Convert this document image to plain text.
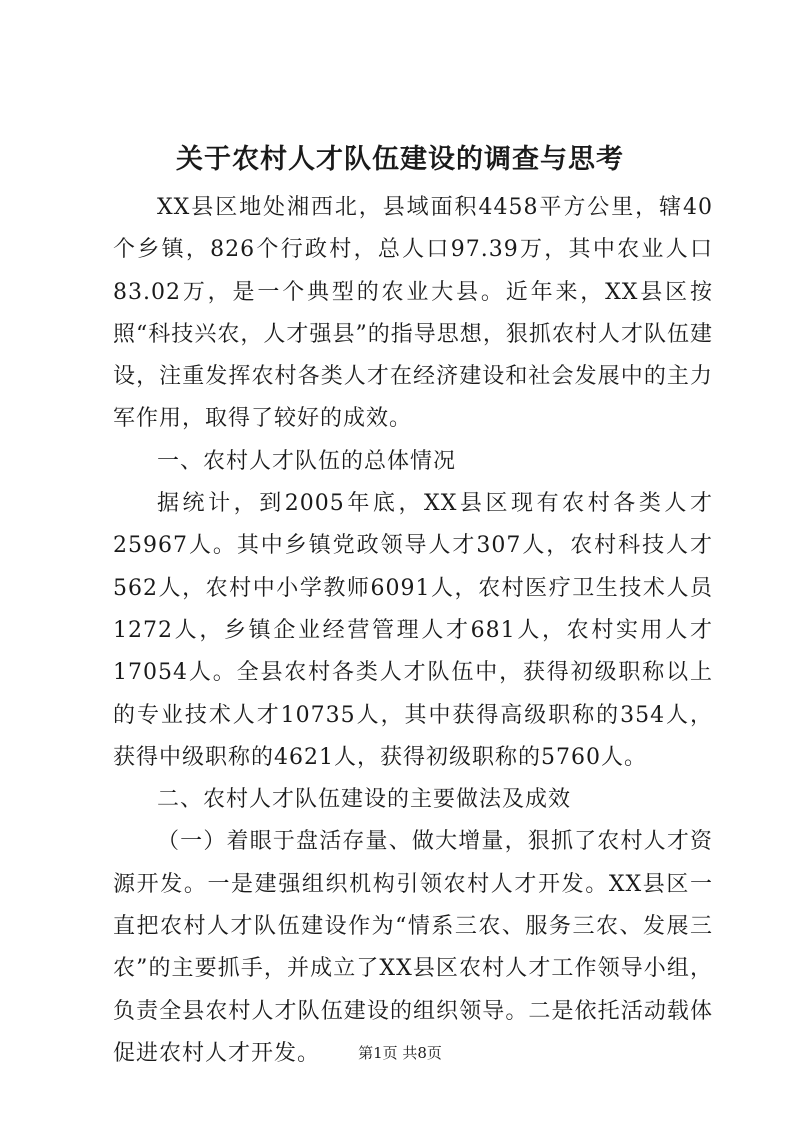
关于农村人才队伍建设的调查与思考

XX县区地处湘西北，县域面积4458平方公里，辖40个乡镇，826个行政村，总人口97.39万，其中农业人口83.02万，是一个典型的农业大县。近年来，XX县区按照“科技兴农，人才强县”的指导思想，狠抓农村人才队伍建设，注重发挥农村各类人才在经济建设和社会发展中的主力军作用，取得了较好的成效。

一、农村人才队伍的总体情况

据统计，到2005年底，XX县区现有农村各类人才25967人。其中乡镇党政领导人才307人，农村科技人才562人，农村中小学教师6091人，农村医疗卫生技术人员1272人，乡镇企业经营管理人才681人，农村实用人才17054人。全县农村各类人才队伍中，获得初级职称以上的专业技术人才10735人，其中获得高级职称的354人，获得中级职称的4621人，获得初级职称的5760人。

二、农村人才队伍建设的主要做法及成效

（一）着眼于盘活存量、做大增量，狠抓了农村人才资源开发。一是建强组织机构引领农村人才开发。XX县区一直把农村人才队伍建设作为“情系三农、服务三农、发展三农”的主要抓手，并成立了XX县区农村人才工作领导小组，负责全县农村人才队伍建设的组织领导。二是依托活动载体促进农村人才开发。	第1页 共8页
